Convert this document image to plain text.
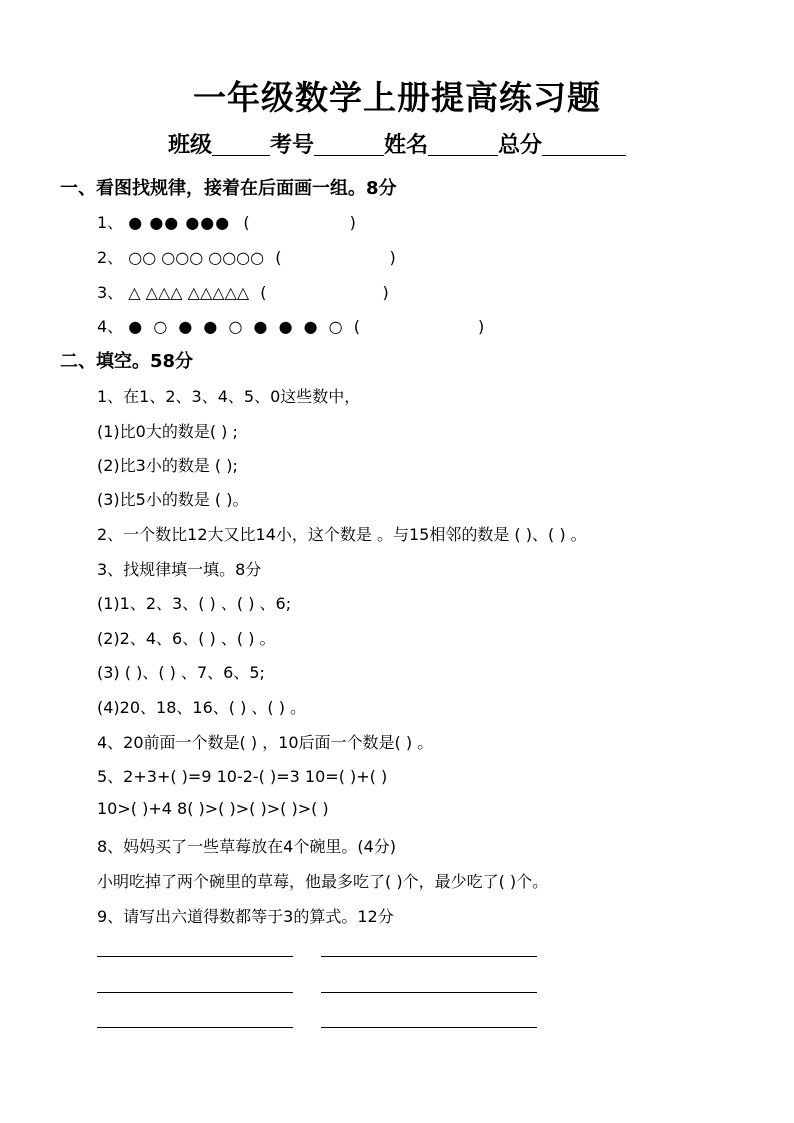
一年级数学上册提高练习题
班级	考号	姓名	总分
一、看图找规律，接着在后面画一组。8分
1、 ● ●● ●●● (	)
2、 ○○ ○○○ ○○○○ (	)
3、 △ △△△ △△△△△ (	)
4、 ● ○ ● ● ○ ● ● ● ○ (	)
二、填空。58分
1、在1、2、3、4、5、0这些数中，
(1)比0大的数是( ) ;
(2)比3小的数是 ( );
(3)比5小的数是 ( )。
2、一个数比12大又比14小，这个数是 。与15相邻的数是 ( )、( ) 。
3、找规律填一填。8分
(1)1、2、3、( ) 、( ) 、6;
(2)2、4、6、( ) 、( ) 。
(3) ( )、( ) 、7、6、5;
(4)20、18、16、( ) 、( ) 。
4、20前面一个数是( ) ，10后面一个数是( ) 。
5、2+3+( )=9 10-2-( )=3 10=( )+( )
10>( )+4 8( )>( )>( )>( )>( )
8、妈妈买了一些草莓放在4个碗里。(4分)
小明吃掉了两个碗里的草莓，他最多吃了( )个，最少吃了( )个。
9、请写出六道得数都等于3的算式。12分
